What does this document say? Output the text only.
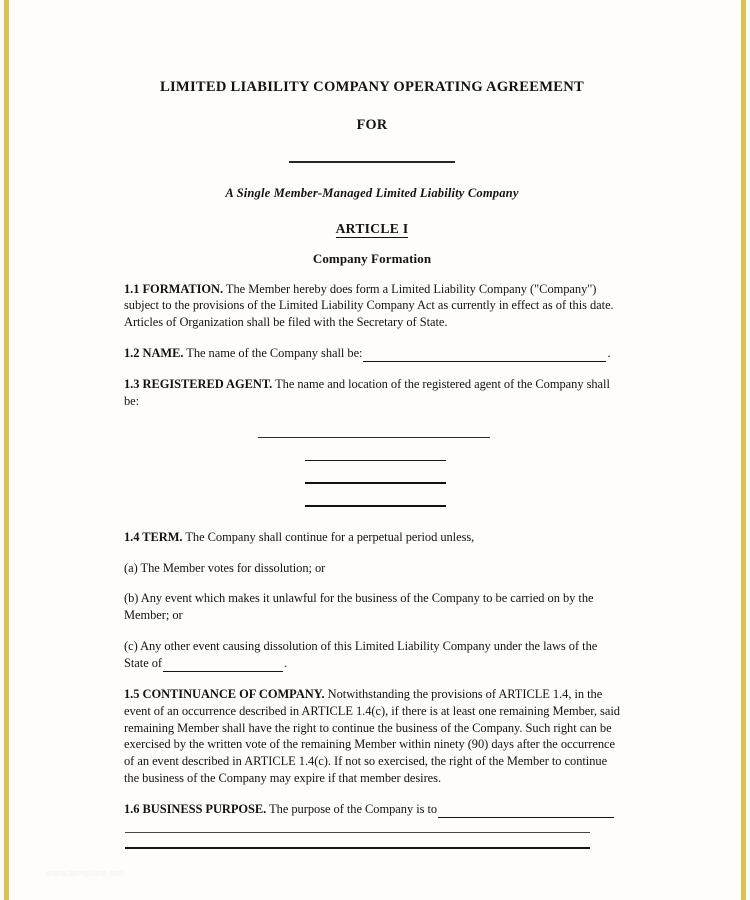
LIMITED LIABILITY COMPANY OPERATING AGREEMENT
FOR
A Single Member-Managed Limited Liability Company
ARTICLE I
Company Formation

1.1 FORMATION. The Member hereby does form a Limited Liability Company ("Company") subject to the provisions of the Limited Liability Company Act as currently in effect as of this date. Articles of Organization shall be filed with the Secretary of State.

1.2 NAME. The name of the Company shall be:	.

1.3 REGISTERED AGENT. The name and location of the registered agent of the Company shall be:

1.4 TERM. The Company shall continue for a perpetual period unless,

(a) The Member votes for dissolution; or

(b) Any event which makes it unlawful for the business of the Company to be carried on by the Member; or

(c) Any other event causing dissolution of this Limited Liability Company under the laws of the State of	.

1.5 CONTINUANCE OF COMPANY. Notwithstanding the provisions of ARTICLE 1.4, in the event of an occurrence described in ARTICLE 1.4(c), if there is at least one remaining Member, said remaining Member shall have the right to continue the business of the Company. Such right can be exercised by the written vote of the remaining Member within ninety (90) days after the occurrence of an event described in ARTICLE 1.4(c). If not so exercised, the right of the Member to continue the business of the Company may expire if that member desires.

1.6 BUSINESS PURPOSE. The purpose of the Company is to

www.template.net
